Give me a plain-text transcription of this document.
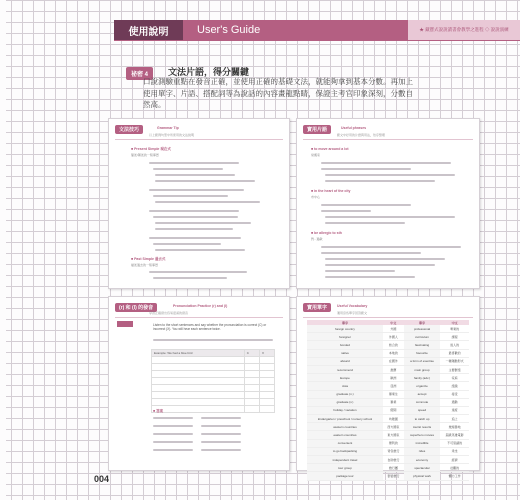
使用說明	User's Guide	★ 藏寶式說說讀書會教學之進程 ◇ 說說演練
祕密 4	文法片語，得分關鍵
口說測驗重點在發音正確，並使用正確的基礎文法，就能夠拿到基本分數。再加上使用單字、片語、搭配詞等為說話的內容畫龍點睛，保證主考官印象深刻，分數自然高。
文法技巧	Grammar Tip
以上範例句型中所使用的文法說明
■ Present Simple 現在式
簡述/陳述的一般事實
■ Past Simple 過去式
描述過去的一般事實
實用片語	Useful phrases
範文中好用的片語與用法，依序整理
■ to move around a lot
常搬家
■ in the heart of the city
市中心
■ be allergic to sth
對...過敏
(r) 和 (l) 的發音	Pronunciation Practice (r) and (l)
學習正確發出容易混淆的發音
Listen to the short sentences and say whether the pronunciation is correct (C) or incorrect (X). You will hear each sentence twice.
Example: We had a blue bird	C	X

■ 答案
實用單字	Useful Vocabulary
運用這些單字回答範文
單字	中文	單字	中文
foreign country	外國	professional	專業的
foreigner	外國人	curriculum	課程
bonded	結合的	fascinating	迷人的
native	本地的	favourite	最喜歡的
aboard	在國外	a form of exercise	一種運動形式
recommend	推薦	main group	主要群組
Europe	歐洲	family (adv.)	家庭
Asia	亞洲	organize	組織
graduate (n.)	畢業生	accept	接受
graduate (v.)	畢業	commute	通勤
holiday / vacation	假期	speed	速度
kindergarten / preschool / nursery school	幼稚園	to catch up	追上
western countries	西方國家	tourist resorts	旅遊勝地
eastern countries	東方國家	superhero movies	超級英雄電影
convenient	便利的	incredible	不可思議的
to go backpacking	背包旅行	rides	乘坐
independent travel	自助旅行	economy	經濟
tour group	旅行團	spectacular	壯觀的
package tour	套裝旅行	physical work	體力工作
004
